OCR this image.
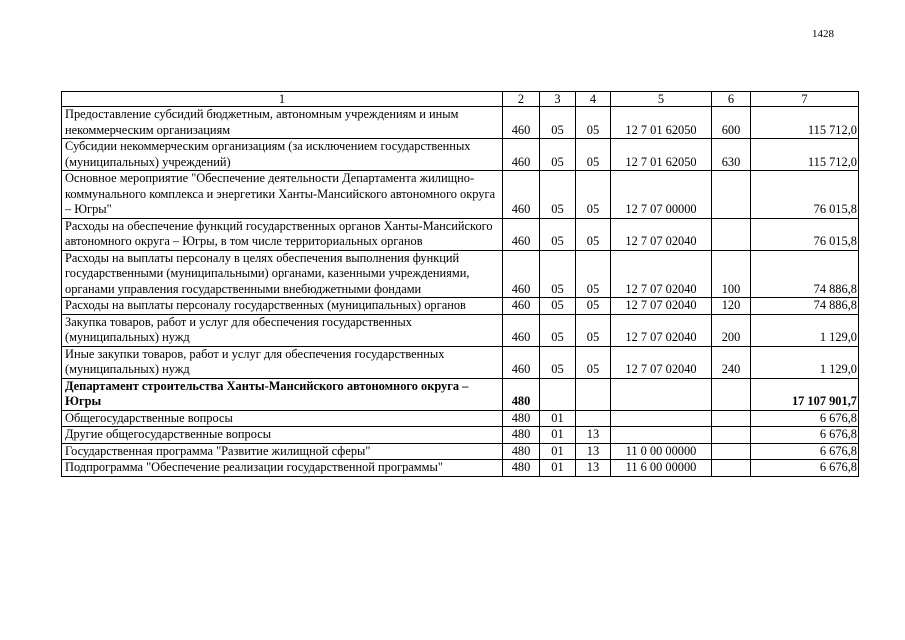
1428
1	2	3	4	5	6	7
Предоставление субсидий бюджетным, автономным учреждениям и иным некоммерческим организациям	460	05	05	12 7 01 62050	600	115 712,0
Субсидии некоммерческим организациям (за исключением государственных (муниципальных) учреждений)	460	05	05	12 7 01 62050	630	115 712,0
Основное мероприятие "Обеспечение деятельности Департамента жилищно-коммунального комплекса и энергетики Ханты-Мансийского автономного округа – Югры"	460	05	05	12 7 07 00000		76 015,8
Расходы на обеспечение функций государственных органов Ханты-Мансийского автономного округа – Югры, в том числе территориальных органов	460	05	05	12 7 07 02040		76 015,8
Расходы на выплаты персоналу в целях обеспечения выполнения функций государственными (муниципальными) органами, казенными учреждениями, органами управления государственными внебюджетными фондами	460	05	05	12 7 07 02040	100	74 886,8
Расходы на выплаты персоналу государственных (муниципальных) органов	460	05	05	12 7 07 02040	120	74 886,8
Закупка товаров, работ и услуг для обеспечения государственных (муниципальных) нужд	460	05	05	12 7 07 02040	200	1 129,0
Иные закупки товаров, работ и услуг для обеспечения государственных (муниципальных) нужд	460	05	05	12 7 07 02040	240	1 129,0
Департамент строительства Ханты-Мансийского автономного округа – Югры	480					17 107 901,7
Общегосударственные вопросы	480	01				6 676,8
Другие общегосударственные вопросы	480	01	13			6 676,8
Государственная программа "Развитие жилищной сферы"	480	01	13	11 0 00 00000		6 676,8
Подпрограмма "Обеспечение реализации государственной программы"	480	01	13	11 6 00 00000		6 676,8
